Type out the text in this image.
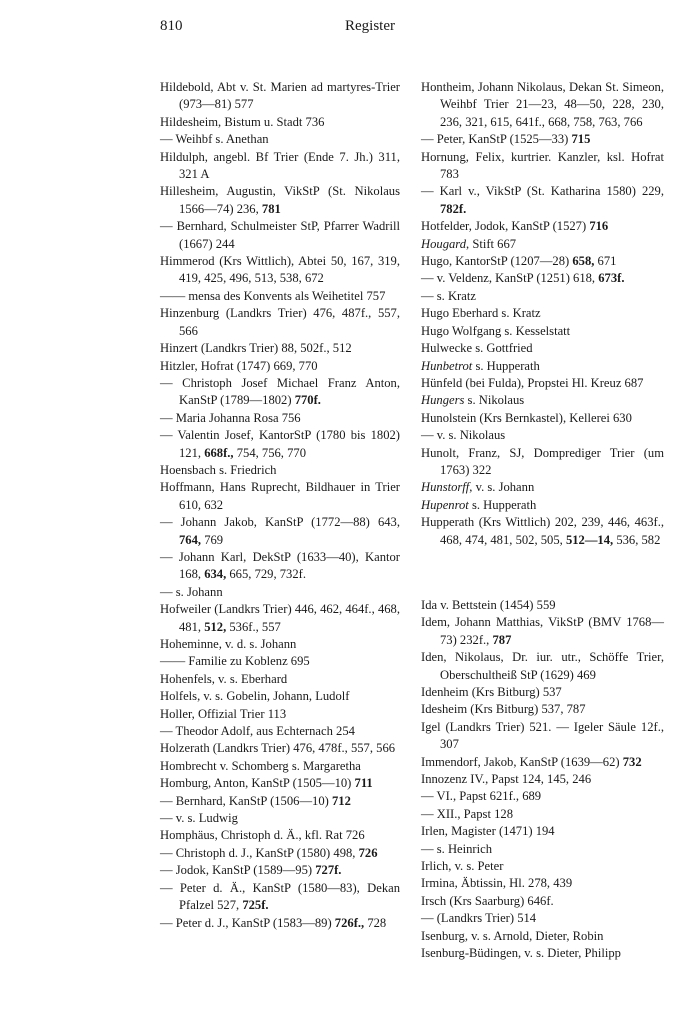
810	Register

Hildebold, Abt v. St. Marien ad martyres-Trier (973—81) 577

Hildesheim, Bistum u. Stadt 736

— Weihbf s. Anethan

Hildulph, angebl. Bf Trier (Ende 7. Jh.) 311, 321 A

Hillesheim, Augustin, VikStP (St. Nikolaus 1566—74) 236, 781

— Bernhard, Schulmeister StP, Pfarrer Wadrill (1667) 244

Himmerod (Krs Wittlich), Abtei 50, 167, 319, 419, 425, 496, 513, 538, 672

—— mensa des Konvents als Weihetitel 757

Hinzenburg (Landkrs Trier) 476, 487f., 557, 566

Hinzert (Landkrs Trier) 88, 502f., 512

Hitzler, Hofrat (1747) 669, 770

— Christoph Josef Michael Franz Anton, KanStP (1789—1802) 770f.

— Maria Johanna Rosa 756

— Valentin Josef, KantorStP (1780 bis 1802) 121, 668f., 754, 756, 770

Hoensbach s. Friedrich

Hoffmann, Hans Ruprecht, Bildhauer in Trier 610, 632

— Johann Jakob, KanStP (1772—88) 643, 764, 769

— Johann Karl, DekStP (1633—40), Kantor 168, 634, 665, 729, 732f.

— s. Johann

Hofweiler (Landkrs Trier) 446, 462, 464f., 468, 481, 512, 536f., 557

Hoheminne, v. d. s. Johann

—— Familie zu Koblenz 695

Hohenfels, v. s. Eberhard

Holfels, v. s. Gobelin, Johann, Ludolf

Holler, Offizial Trier 113

— Theodor Adolf, aus Echternach 254

Holzerath (Landkrs Trier) 476, 478f., 557, 566

Hombrecht v. Schomberg s. Margaretha

Homburg, Anton, KanStP (1505—10) 711

— Bernhard, KanStP (1506—10) 712

— v. s. Ludwig

Homphäus, Christoph d. Ä., kfl. Rat 726

— Christoph d. J., KanStP (1580) 498, 726

— Jodok, KanStP (1589—95) 727f.

— Peter d. Ä., KanStP (1580—83), Dekan Pfalzel 527, 725f.

— Peter d. J., KanStP (1583—89) 726f., 728

Hontheim, Johann Nikolaus, Dekan St. Simeon, Weihbf Trier 21—23, 48—50, 228, 230, 236, 321, 615, 641f., 668, 758, 763, 766

— Peter, KanStP (1525—33) 715

Hornung, Felix, kurtrier. Kanzler, ksl. Hofrat 783

— Karl v., VikStP (St. Katharina 1580) 229, 782f.

Hotfelder, Jodok, KanStP (1527) 716

Hougard, Stift 667

Hugo, KantorStP (1207—28) 658, 671

— v. Veldenz, KanStP (1251) 618, 673f.

— s. Kratz

Hugo Eberhard s. Kratz

Hugo Wolfgang s. Kesselstatt

Hulwecke s. Gottfried

Hunbetrot s. Hupperath

Hünfeld (bei Fulda), Propstei Hl. Kreuz 687

Hungers s. Nikolaus

Hunolstein (Krs Bernkastel), Kellerei 630

— v. s. Nikolaus

Hunolt, Franz, SJ, Domprediger Trier (um 1763) 322

Hunstorff, v. s. Johann

Hupenrot s. Hupperath

Hupperath (Krs Wittlich) 202, 239, 446, 463f., 468, 474, 481, 502, 505, 512—14, 536, 582

Ida v. Bettstein (1454) 559

Idem, Johann Matthias, VikStP (BMV 1768—73) 232f., 787

Iden, Nikolaus, Dr. iur. utr., Schöffe Trier, Oberschultheiß StP (1629) 469

Idenheim (Krs Bitburg) 537

Idesheim (Krs Bitburg) 537, 787

Igel (Landkrs Trier) 521. — Igeler Säule 12f., 307

Immendorf, Jakob, KanStP (1639—62) 732

Innozenz IV., Papst 124, 145, 246

— VI., Papst 621f., 689

— XII., Papst 128

Irlen, Magister (1471) 194

— s. Heinrich

Irlich, v. s. Peter

Irmina, Äbtissin, Hl. 278, 439

Irsch (Krs Saarburg) 646f.

— (Landkrs Trier) 514

Isenburg, v. s. Arnold, Dieter, Robin

Isenburg-Büdingen, v. s. Dieter, Philipp
